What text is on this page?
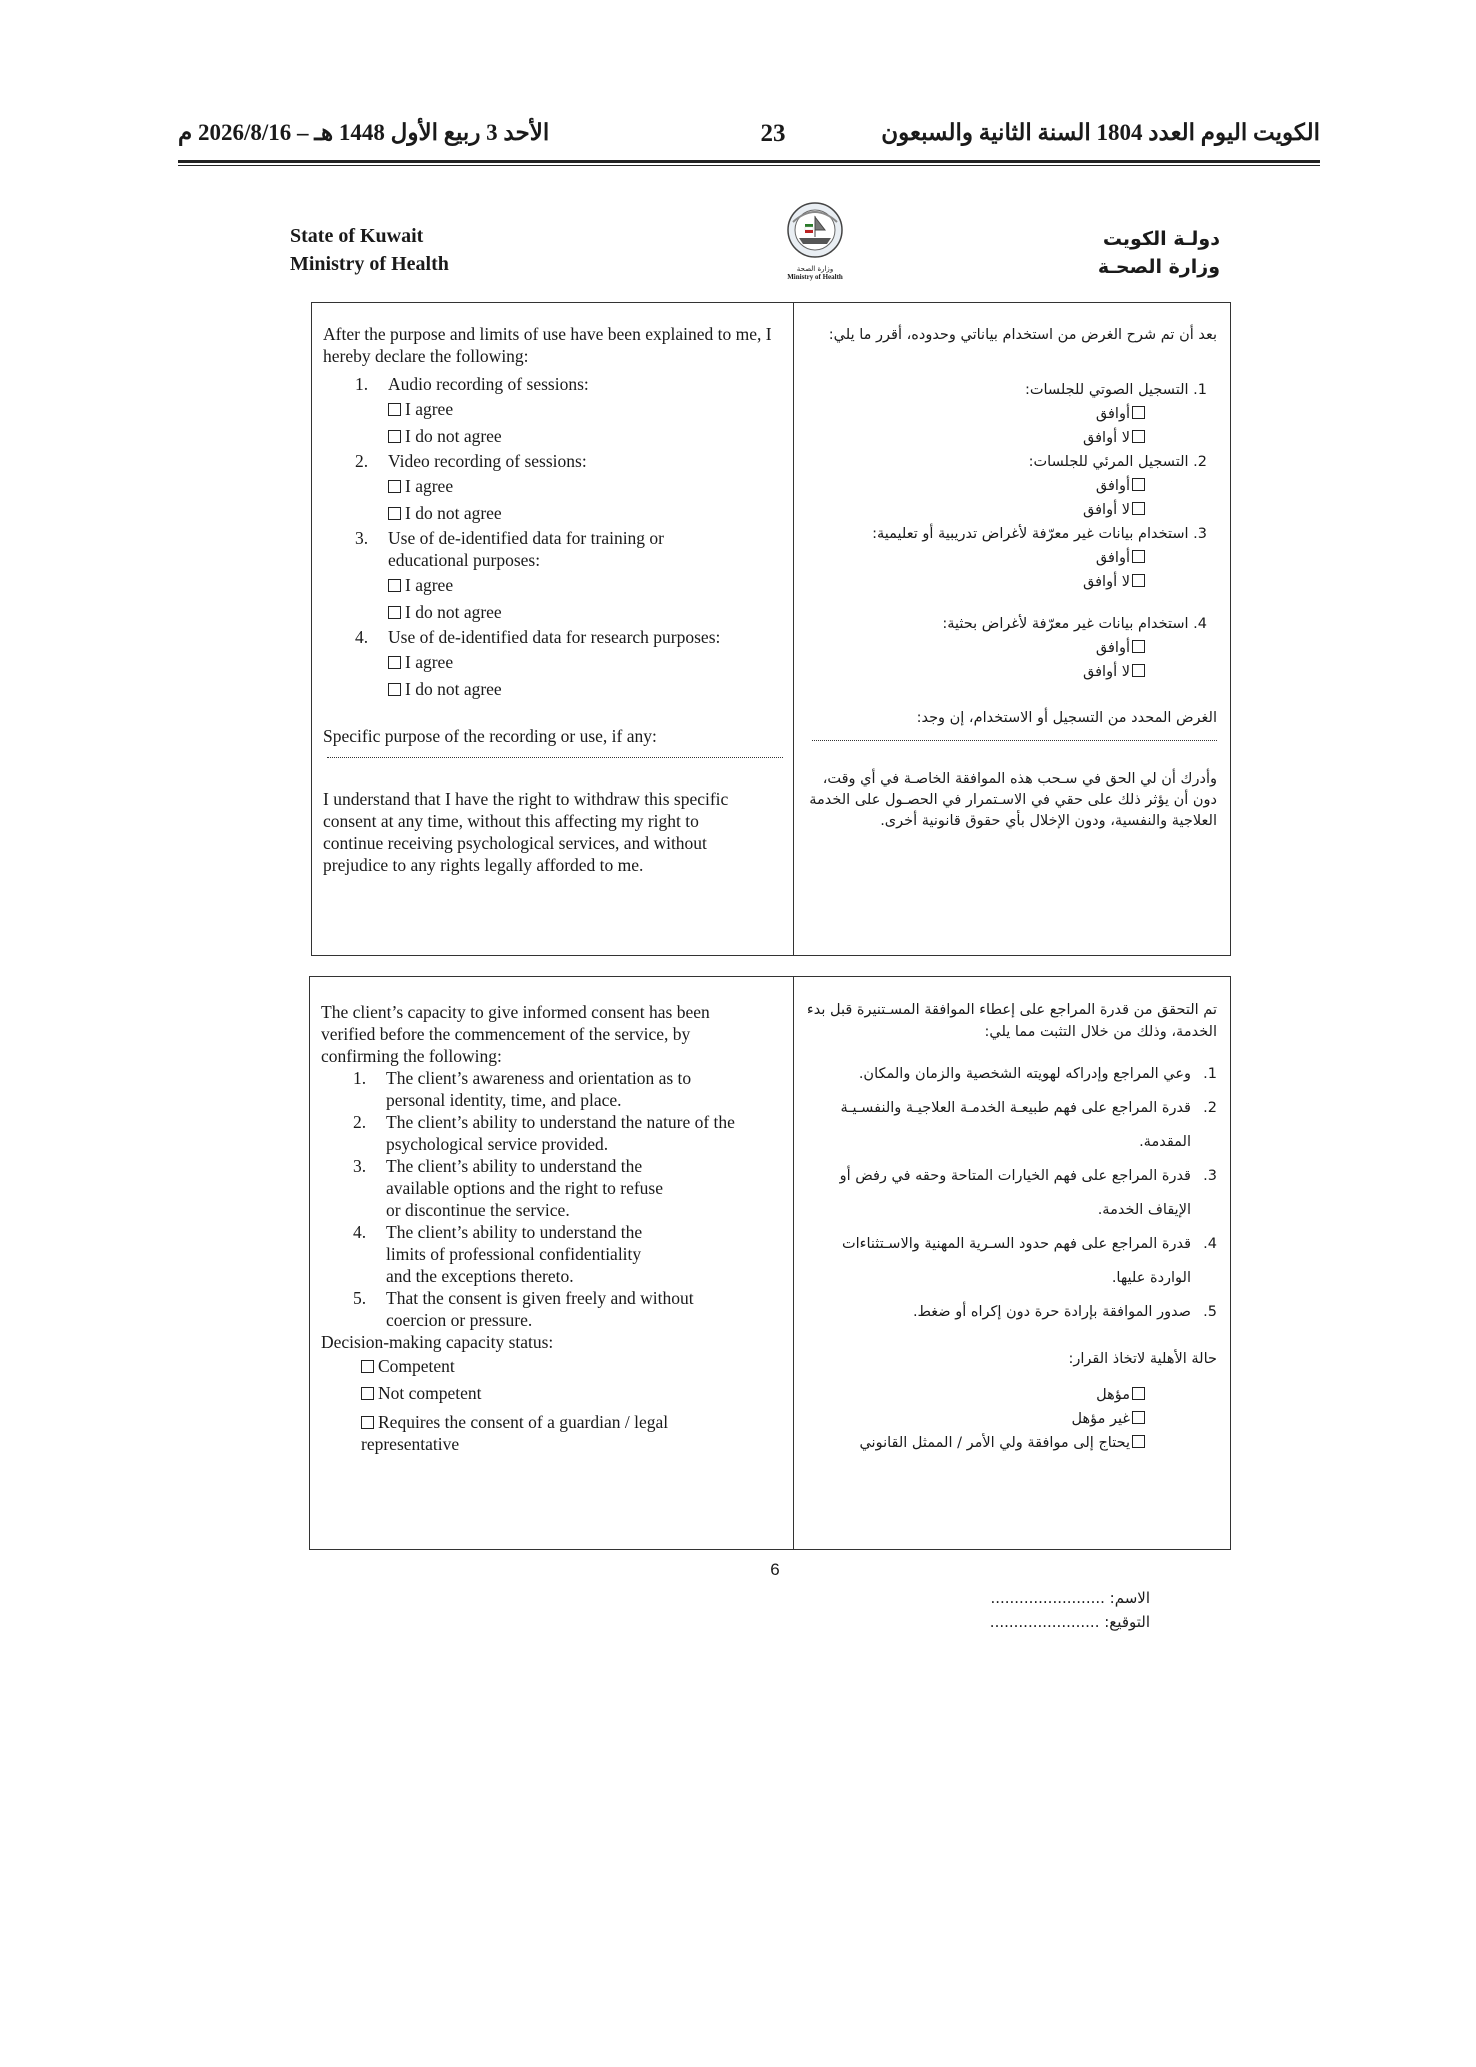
الكويت اليوم العدد 1804 السنة الثانية والسبعون
23
الأحد 3 ربيع الأول 1448 هـ – 2026/8/16 م
State of Kuwait
Ministry of Health
دولـة الكويت
وزارة الصحـة
وزارة الصحة
Ministry of Health
After the purpose and limits of use have been explained to me, I hereby declare the following:
1. Audio recording of sessions:
I agree
I do not agree
2. Video recording of sessions:
I agree
I do not agree
3.	Use of de-identified data for training or educational purposes:
I agree
I do not agree
4. Use of de-identified data for research purposes:
I agree
I do not agree
Specific purpose of the recording or use, if any:
I understand that I have the right to withdraw this specific consent at any time, without this affecting my right to continue receiving psychological services, and without prejudice to any rights legally afforded to me.
بعد أن تم شرح الغرض من استخدام بياناتي وحدوده، أقرر ما يلي:
1. التسجيل الصوتي للجلسات:
أوافق
لا أوافق
2. التسجيل المرئي للجلسات:
أوافق
لا أوافق
3. استخدام بيانات غير معرّفة لأغراض تدريبية أو تعليمية:
أوافق
لا أوافق
4. استخدام بيانات غير معرّفة لأغراض بحثية:
أوافق
لا أوافق
الغرض المحدد من التسجيل أو الاستخدام، إن وجد:
وأدرك أن لي الحق في سـحب هذه الموافقة الخاصـة في أي وقت، دون أن يؤثر ذلك على حقي في الاسـتمرار في الحصـول على الخدمة العلاجية والنفسية، ودون الإخلال بأي حقوق قانونية أخرى.
The client’s capacity to give informed consent has been verified before the commencement of the service, by confirming the following:
1.	The client’s awareness and orientation as to personal identity, time, and place.
2.	The client’s ability to understand the nature of the psychological service provided.
3.	The client’s ability to understand the available options and the right to refuse or discontinue the service.
4.	The client’s ability to understand the limits of professional confidentiality and the exceptions thereto.
5.	That the consent is given freely and without coercion or pressure.
Decision-making capacity status:
Competent
Not competent
Requires the consent of a guardian / legal representative
تم التحقق من قدرة المراجع على إعطاء الموافقة المسـتنيرة قبل بدء الخدمة، وذلك من خلال التثبت مما يلي:
1.
وعي المراجع وإدراكه لهويته الشخصية والزمان والمكان.
2.
قدرة المراجع على فهم طبيعـة الخدمـة العلاجيـة والنفسـيـة المقدمة.
3.
قدرة المراجع على فهم الخيارات المتاحة وحقه في رفض أو الإيقاف الخدمة.
4.
قدرة المراجع على فهم حدود السـرية المهنية والاسـتثناءات الواردة عليها.
5.
صدور الموافقة بإرادة حرة دون إكراه أو ضغط.
حالة الأهلية لاتخاذ القرار:
مؤهل
غير مؤهل
يحتاج إلى موافقة ولي الأمر / الممثل القانوني
6
الاسم: ........................
التوقيع: .......................
